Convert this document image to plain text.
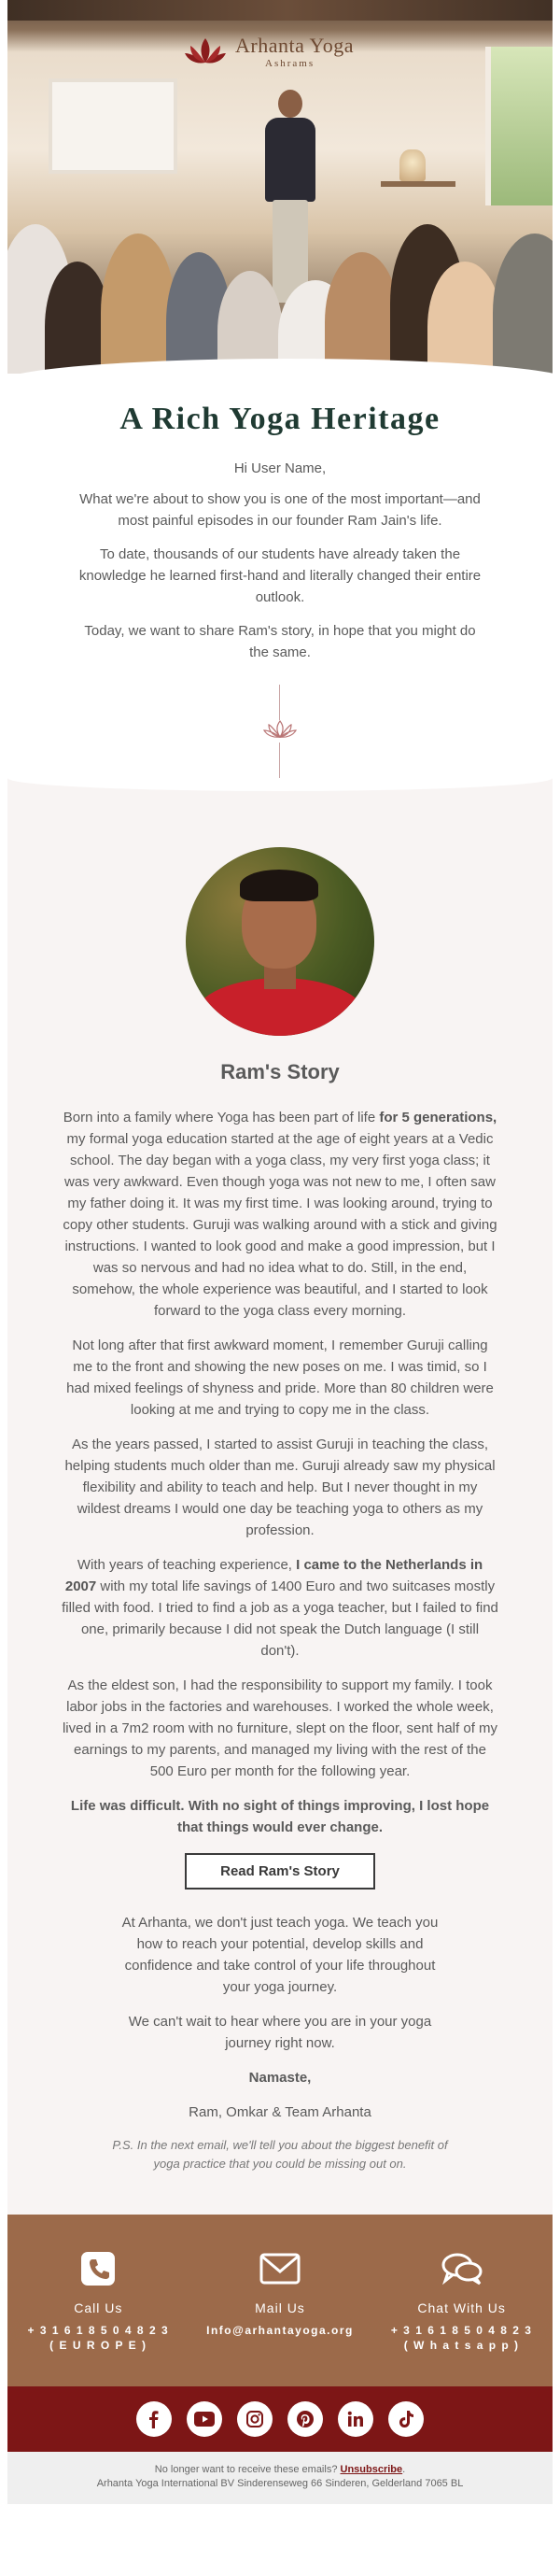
Arhanta Yoga
Ashrams
A Rich Yoga Heritage

Hi User Name,

What we're about to show you is one of the most important—and most painful episodes in our founder Ram Jain's life.

To date, thousands of our students have already taken the knowledge he learned first-hand and literally changed their entire outlook.

Today, we want to share Ram's story, in hope that you might do the same.

Ram's Story

Born into a family where Yoga has been part of life for 5 generations, my formal yoga education started at the age of eight years at a Vedic school. The day began with a yoga class, my very first yoga class; it was very awkward. Even though yoga was not new to me, I often saw my father doing it. It was my first time. I was looking around, trying to copy other students. Guruji was walking around with a stick and giving instructions. I wanted to look good and make a good impression, but I was so nervous and had no idea what to do. Still, in the end, somehow, the whole experience was beautiful, and I started to look forward to the yoga class every morning.

Not long after that first awkward moment, I remember Guruji calling me to the front and showing the new poses on me. I was timid, so I had mixed feelings of shyness and pride. More than 80 children were looking at me and trying to copy me in the class.

As the years passed, I started to assist Guruji in teaching the class, helping students much older than me. Guruji already saw my physical flexibility and ability to teach and help. But I never thought in my wildest dreams I would one day be teaching yoga to others as my profession.

With years of teaching experience, I came to the Netherlands in 2007 with my total life savings of 1400 Euro and two suitcases mostly filled with food. I tried to find a job as a yoga teacher, but I failed to find one, primarily because I did not speak the Dutch language (I still don't).

As the eldest son, I had the responsibility to support my family. I took labor jobs in the factories and warehouses. I worked the whole week, lived in a 7m2 room with no furniture, slept on the floor, sent half of my earnings to my parents, and managed my living with the rest of the 500 Euro per month for the following year.

Life was difficult. With no sight of things improving, I lost hope that things would ever change.

Read Ram's Story

At Arhanta, we don't just teach yoga. We teach you how to reach your potential, develop skills and confidence and take control of your life throughout your yoga journey.

We can't wait to hear where you are in your yoga journey right now.

Namaste,

Ram, Omkar & Team Arhanta

P.S. In the next email, we'll tell you about the biggest benefit of yoga practice that you could be missing out on.

Call Us
+ 3 1 6 1 8 5 0 4 8 2 3
( E U R O P E )
Mail Us
Info@arhantayoga.org
Chat With Us
+ 3 1 6 1 8 5 0 4 8 2 3
( W h a t s a p p )
No longer want to receive these emails? Unsubscribe.
Arhanta Yoga International BV Sinderenseweg 66 Sinderen, Gelderland 7065 BL
